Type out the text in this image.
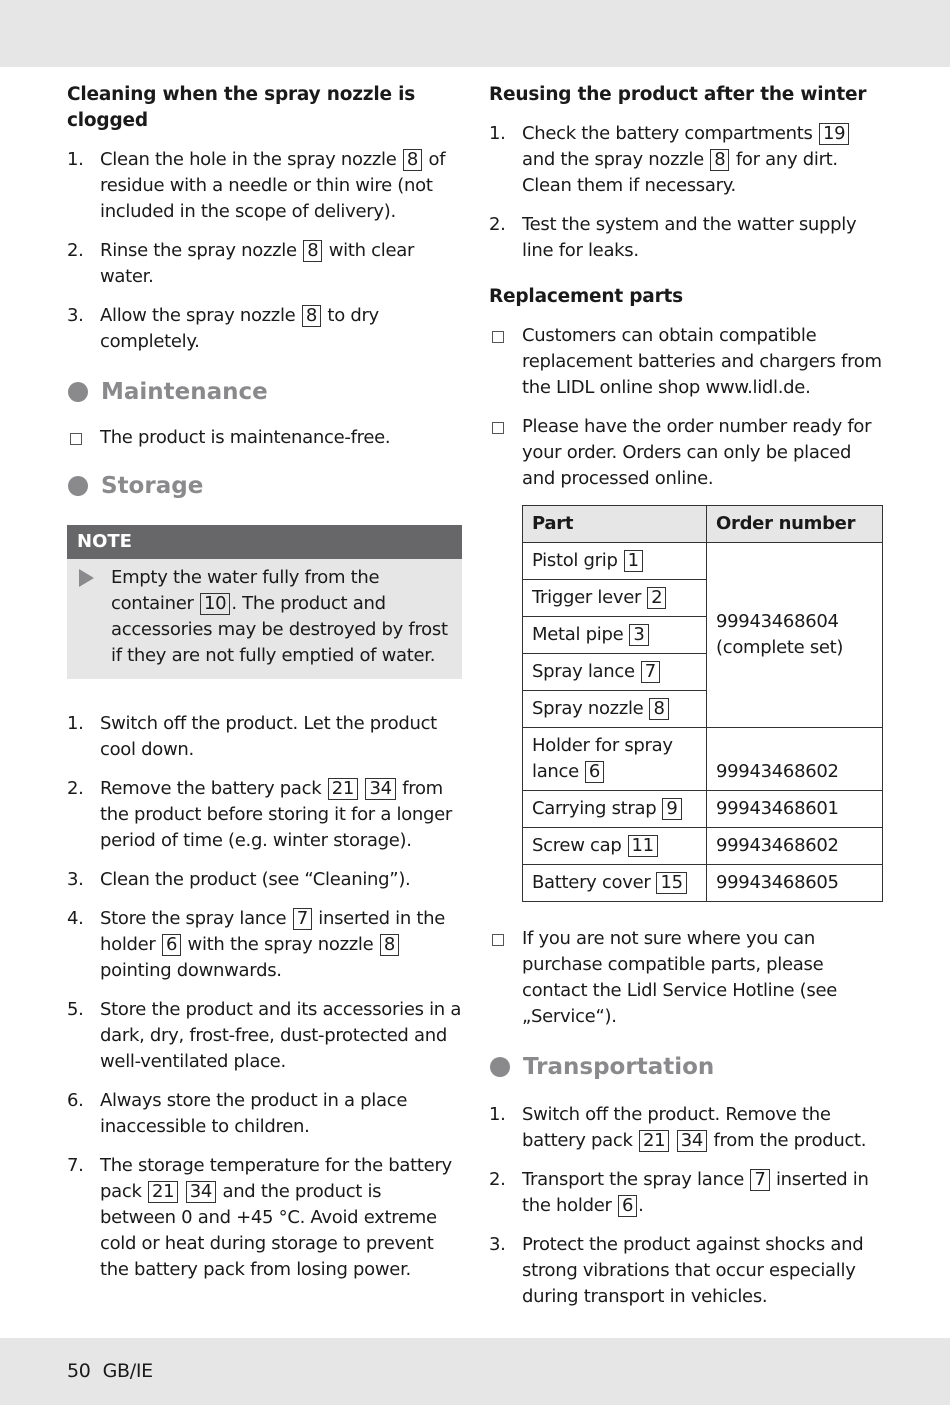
Cleaning when the spray nozzle is clogged
1. Clean the hole in the spray nozzle 8 of residue with a needle or thin wire (not included in the scope of delivery).
2. Rinse the spray nozzle 8 with clear water.
3. Allow the spray nozzle 8 to dry completely.
Maintenance
The product is maintenance-free.
Storage
NOTE
Empty the water fully from the container 10 . The product and accessories may be destroyed by frost if they are not fully emptied of water.
1. Switch off the product. Let the product cool down.
2. Remove the battery pack 21 34 from the product before storing it for a longer period of time (e.g. winter storage).
3. Clean the product (see “Cleaning”).
4. Store the spray lance 7 inserted in the holder 6 with the spray nozzle 8 pointing downwards.
5. Store the product and its accessories in a dark, dry, frost-free, dust-protected and well-ventilated place.
6. Always store the product in a place inaccessible to children.
7. The storage temperature for the battery pack 21 34 and the product is between 0 and +45 °C. Avoid extreme cold or heat during storage to prevent the battery pack from losing power.
Reusing the product after the winter
1. Check the battery compartments 19 and the spray nozzle 8 for any dirt. Clean them if necessary.
2. Test the system and the watter supply line for leaks.
Replacement parts
Customers can obtain compatible replacement batteries and chargers from the LIDL online shop www.lidl.de.
Please have the order number ready for your order. Orders can only be placed and processed online.
Part	Order number
Pistol grip 1	99943468604 (complete set)
Trigger lever 2	
Metal pipe 3	
Spray lance 7	
Spray nozzle 8	
Holder for spray lance 6	99943468602
Carrying strap 9	99943468601
Screw cap 11	99943468602
Battery cover 15	99943468605
If you are not sure where you can purchase compatible parts, please contact the Lidl Service Hotline (see „Service“).
Transportation
1. Switch off the product. Remove the battery pack 21 34 from the product.
2. Transport the spray lance 7 inserted in the holder 6 .
3. Protect the product against shocks and strong vibrations that occur especially during transport in vehicles.
50 GB/IE
